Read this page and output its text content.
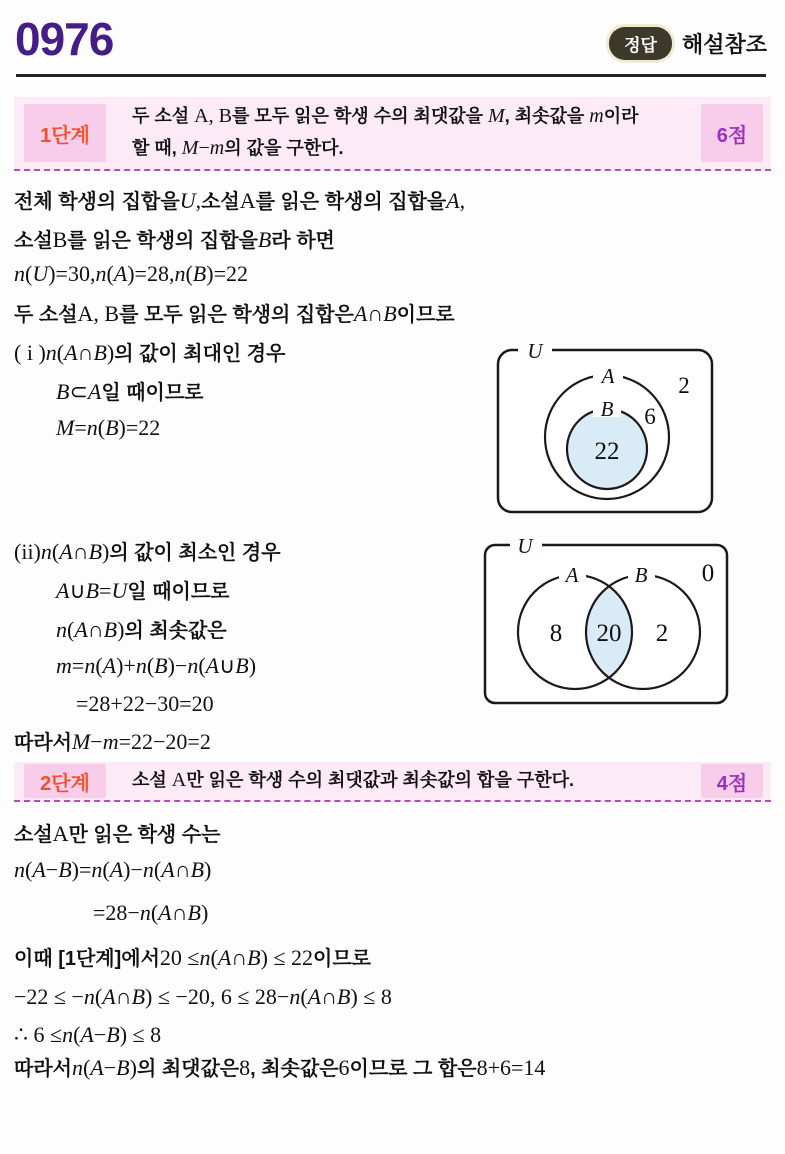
0976	정답	해설참조
1단계
두 소설 A, B를 모두 읽은 학생 수의 최댓값을 M, 최솟값을 m이라
할 때, M−m의 값을 구한다.
6점
전체 학생의 집합을 U , 소설 A 를 읽은 학생의 집합을 A ,
소설 B 를 읽은 학생의 집합을 B 라 하면
n ( U )=30, n ( A )=28, n ( B )=22
두 소설 A, B 를 모두 읽은 학생의 집합은 A ∩ B 이므로
( i ) n ( A ∩ B ) 의 값이 최대인 경우
B ⊂ A 일 때이므로
M = n ( B )=22
(ii) n ( A ∩ B ) 의 값이 최소인 경우
A ∪ B = U 일 때이므로
n ( A ∩ B ) 의 최솟값은
m = n ( A )+ n ( B )− n ( A ∪ B )
=28+22−30=20
따라서 M − m =22−20=2
2단계	소설 A만 읽은 학생 수의 최댓값과 최솟값의 합을 구한다.	4점
소설 A 만 읽은 학생 수는
n ( A − B )= n ( A )− n ( A ∩ B )
=28− n ( A ∩ B )
이때 [1단계]에서 20 ≤ n ( A ∩ B ) ≤ 22 이므로
−22 ≤ − n ( A ∩ B ) ≤ −20, 6 ≤ 28− n ( A ∩ B ) ≤ 8
∴ 6 ≤ n ( A − B ) ≤ 8
따라서 n ( A − B ) 의 최댓값은 8 , 최솟값은 6 이므로 그 합은 8+6=14
U
A
B
22
6
2
U
A	B
8 20 2
0
